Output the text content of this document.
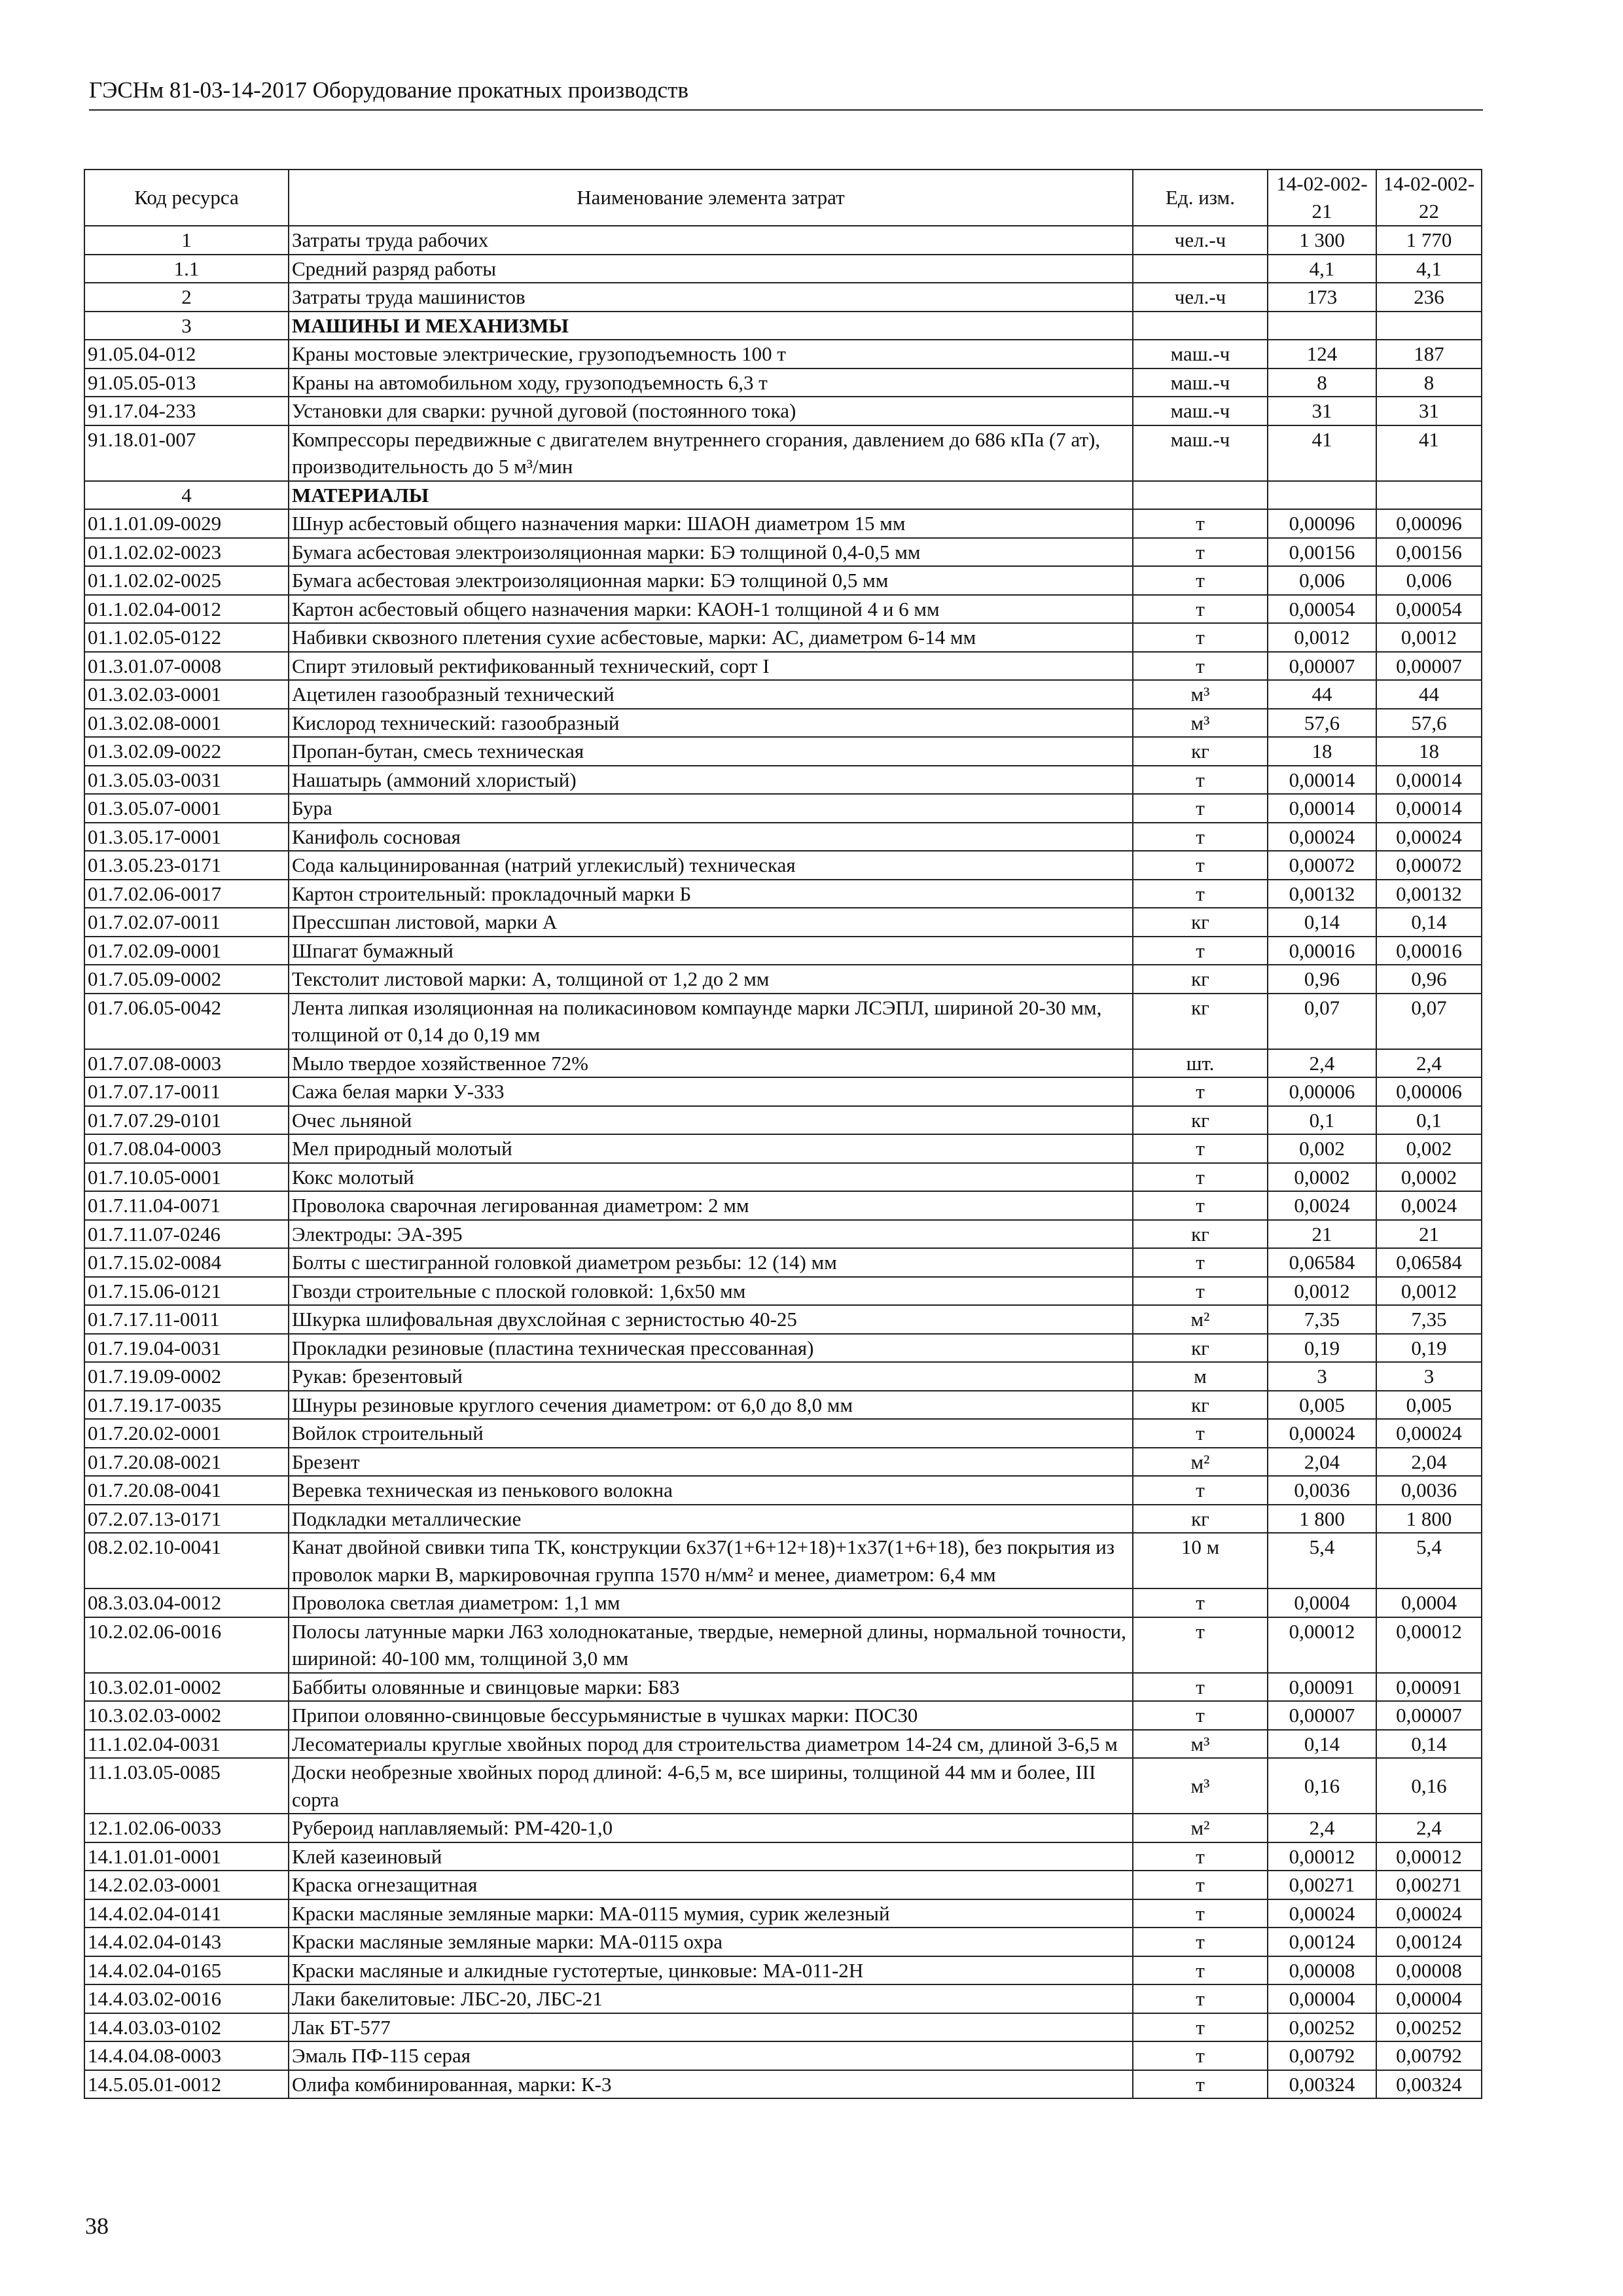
ГЭСНм 81-03-14-2017 Оборудование прокатных производств
Код ресурса	Наименование элемента затрат	Ед. изм.	14-02-002-21	14-02-002-22
1	Затраты труда рабочих	чел.-ч	1 300	1 770
1.1	Средний разряд работы		4,1	4,1
2	Затраты труда машинистов	чел.-ч	173	236
3	МАШИНЫ И МЕХАНИЗМЫ			
91.05.04-012	Краны мостовые электрические, грузоподъемность 100 т	маш.-ч	124	187
91.05.05-013	Краны на автомобильном ходу, грузоподъемность 6,3 т	маш.-ч	8	8
91.17.04-233	Установки для сварки: ручной дуговой (постоянного тока)	маш.-ч	31	31
91.18.01-007	Компрессоры передвижные с двигателем внутреннего сгорания, давлением до 686 кПа (7 ат), производительность до 5 м³/мин	маш.-ч	41	41
4	МАТЕРИАЛЫ			
01.1.01.09-0029	Шнур асбестовый общего назначения марки: ШАОН диаметром 15 мм	т	0,00096	0,00096
01.1.02.02-0023	Бумага асбестовая электроизоляционная марки: БЭ толщиной 0,4-0,5 мм	т	0,00156	0,00156
01.1.02.02-0025	Бумага асбестовая электроизоляционная марки: БЭ толщиной 0,5 мм	т	0,006	0,006
01.1.02.04-0012	Картон асбестовый общего назначения марки: КАОН-1 толщиной 4 и 6 мм	т	0,00054	0,00054
01.1.02.05-0122	Набивки сквозного плетения сухие асбестовые, марки: АС, диаметром 6-14 мм	т	0,0012	0,0012
01.3.01.07-0008	Спирт этиловый ректификованный технический, сорт I	т	0,00007	0,00007
01.3.02.03-0001	Ацетилен газообразный технический	м³	44	44
01.3.02.08-0001	Кислород технический: газообразный	м³	57,6	57,6
01.3.02.09-0022	Пропан-бутан, смесь техническая	кг	18	18
01.3.05.03-0031	Нашатырь (аммоний хлористый)	т	0,00014	0,00014
01.3.05.07-0001	Бура	т	0,00014	0,00014
01.3.05.17-0001	Канифоль сосновая	т	0,00024	0,00024
01.3.05.23-0171	Сода кальцинированная (натрий углекислый) техническая	т	0,00072	0,00072
01.7.02.06-0017	Картон строительный: прокладочный марки Б	т	0,00132	0,00132
01.7.02.07-0011	Прессшпан листовой, марки А	кг	0,14	0,14
01.7.02.09-0001	Шпагат бумажный	т	0,00016	0,00016
01.7.05.09-0002	Текстолит листовой марки: А, толщиной от 1,2 до 2 мм	кг	0,96	0,96
01.7.06.05-0042	Лента липкая изоляционная на поликасиновом компаунде марки ЛСЭПЛ, шириной 20-30 мм, толщиной от 0,14 до 0,19 мм	кг	0,07	0,07
01.7.07.08-0003	Мыло твердое хозяйственное 72%	шт.	2,4	2,4
01.7.07.17-0011	Сажа белая марки У-333	т	0,00006	0,00006
01.7.07.29-0101	Очес льняной	кг	0,1	0,1
01.7.08.04-0003	Мел природный молотый	т	0,002	0,002
01.7.10.05-0001	Кокс молотый	т	0,0002	0,0002
01.7.11.04-0071	Проволока сварочная легированная диаметром: 2 мм	т	0,0024	0,0024
01.7.11.07-0246	Электроды: ЭА-395	кг	21	21
01.7.15.02-0084	Болты с шестигранной головкой диаметром резьбы: 12 (14) мм	т	0,06584	0,06584
01.7.15.06-0121	Гвозди строительные с плоской головкой: 1,6х50 мм	т	0,0012	0,0012
01.7.17.11-0011	Шкурка шлифовальная двухслойная с зернистостью 40-25	м²	7,35	7,35
01.7.19.04-0031	Прокладки резиновые (пластина техническая прессованная)	кг	0,19	0,19
01.7.19.09-0002	Рукав: брезентовый	м	3	3
01.7.19.17-0035	Шнуры резиновые круглого сечения диаметром: от 6,0 до 8,0 мм	кг	0,005	0,005
01.7.20.02-0001	Войлок строительный	т	0,00024	0,00024
01.7.20.08-0021	Брезент	м²	2,04	2,04
01.7.20.08-0041	Веревка техническая из пенькового волокна	т	0,0036	0,0036
07.2.07.13-0171	Подкладки металлические	кг	1 800	1 800
08.2.02.10-0041	Канат двойной свивки типа ТК, конструкции 6х37(1+6+12+18)+1х37(1+6+18), без покрытия из проволок марки В, маркировочная группа 1570 н/мм² и менее, диаметром: 6,4 мм	10 м	5,4	5,4
08.3.03.04-0012	Проволока светлая диаметром: 1,1 мм	т	0,0004	0,0004
10.2.02.06-0016	Полосы латунные марки Л63 холоднокатаные, твердые, немерной длины, нормальной точности, шириной: 40-100 мм, толщиной 3,0 мм	т	0,00012	0,00012
10.3.02.01-0002	Баббиты оловянные и свинцовые марки: Б83	т	0,00091	0,00091
10.3.02.03-0002	Припои оловянно-свинцовые бессурьмянистые в чушках марки: ПОС30	т	0,00007	0,00007
11.1.02.04-0031	Лесоматериалы круглые хвойных пород для строительства диаметром 14-24 см, длиной 3-6,5 м	м³	0,14	0,14
11.1.03.05-0085	Доски необрезные хвойных пород длиной: 4-6,5 м, все ширины, толщиной 44 мм и более, III сорта	м³	0,16	0,16
12.1.02.06-0033	Рубероид наплавляемый: РМ-420-1,0	м²	2,4	2,4
14.1.01.01-0001	Клей казеиновый	т	0,00012	0,00012
14.2.02.03-0001	Краска огнезащитная	т	0,00271	0,00271
14.4.02.04-0141	Краски масляные земляные марки: МА-0115 мумия, сурик железный	т	0,00024	0,00024
14.4.02.04-0143	Краски масляные земляные марки: МА-0115 охра	т	0,00124	0,00124
14.4.02.04-0165	Краски масляные и алкидные густотертые, цинковые: МА-011-2Н	т	0,00008	0,00008
14.4.03.02-0016	Лаки бакелитовые: ЛБС-20, ЛБС-21	т	0,00004	0,00004
14.4.03.03-0102	Лак БТ-577	т	0,00252	0,00252
14.4.04.08-0003	Эмаль ПФ-115 серая	т	0,00792	0,00792
14.5.05.01-0012	Олифа комбинированная, марки: К-3	т	0,00324	0,00324
38
